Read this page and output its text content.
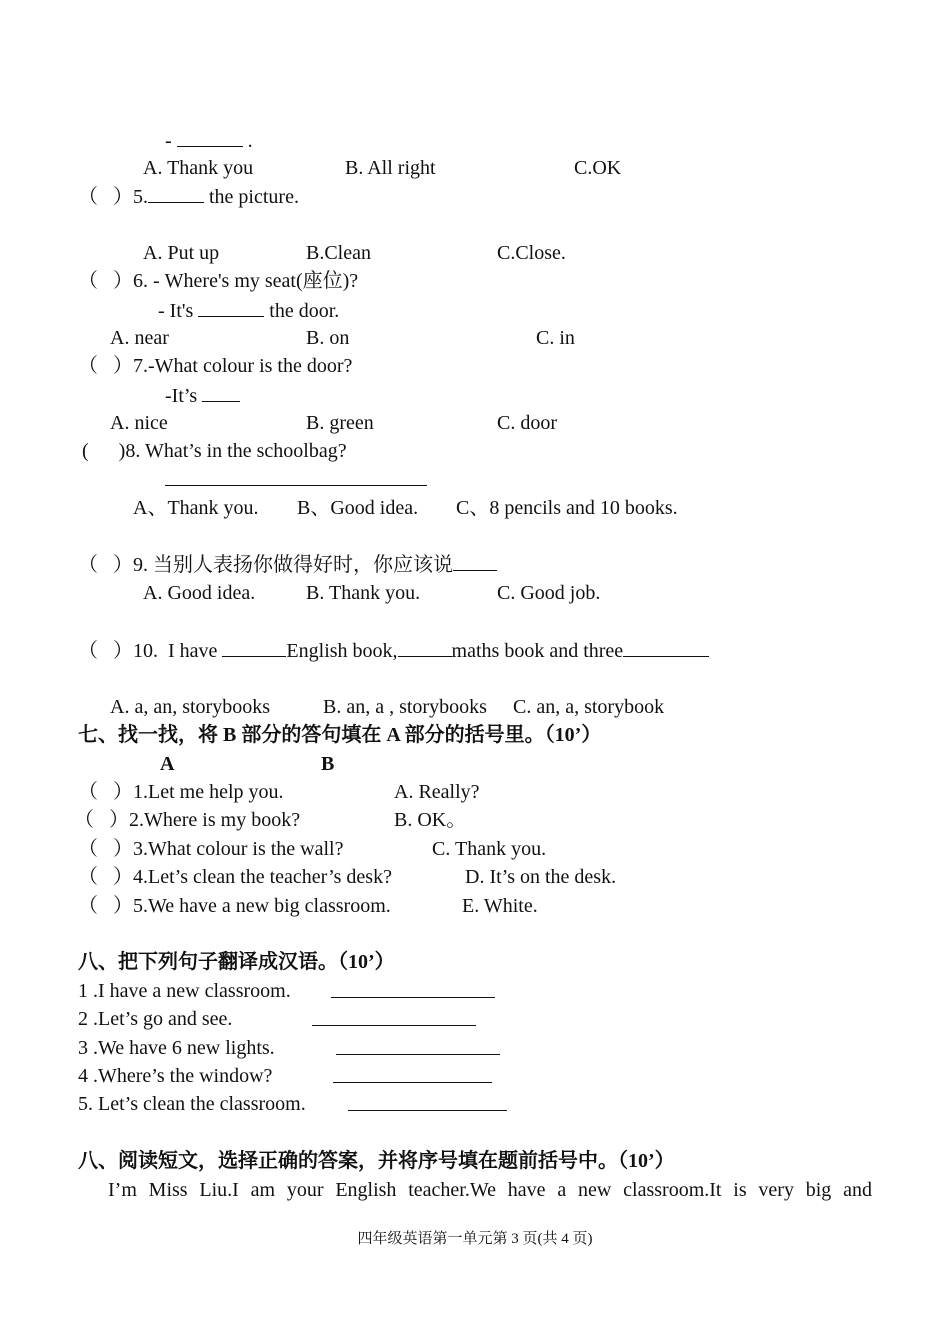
-	.
A. Thank you	B. All right	C.OK
（   ）5.	the picture.
A. Put up	B.Clean	C.Close.
（   ）6. - Where's my seat(座位)?
- It's	the door.
A. near	B. on	C. in
（   ）7.-What colour is the door?
-It’s
A. nice	B. green	C. door
(      )8. What’s in the schoolbag?
A、Thank you. B、Good idea. C、8 pencils and 10 books.
（   ）9. 当别人表扬你做得好时，你应该说
A. Good idea.	B. Thank you.	C. Good job.
（   ）10.  I have	English book,	maths book and three
A. a, an, storybooks	B. an, a , storybooks C. an, a, storybook
七、找一找，将 B 部分的答句填在 A 部分的括号里。（10’）
A	B
（   ）1.Let me help you.	A. Really?
（   ）2.Where is my book?	B. OK。
（   ）3.What colour is the wall?	C. Thank you.
（   ）4.Let’s clean the teacher’s desk?	D. It’s on the desk.
（   ）5.We have a new big classroom.	E. White.
八、把下列句子翻译成汉语。（10’）
1 .I have a new classroom.
2 .Let’s go and see.
3 .We have 6 new lights.
4 .Where’s the window?
5. Let’s clean the classroom.
八、阅读短文，选择正确的答案，并将序号填在题前括号中。（10’）
I’m Miss Liu.I am your English teacher.We have a new classroom.It is very big and
四年级英语第一单元第 3 页(共 4 页)
